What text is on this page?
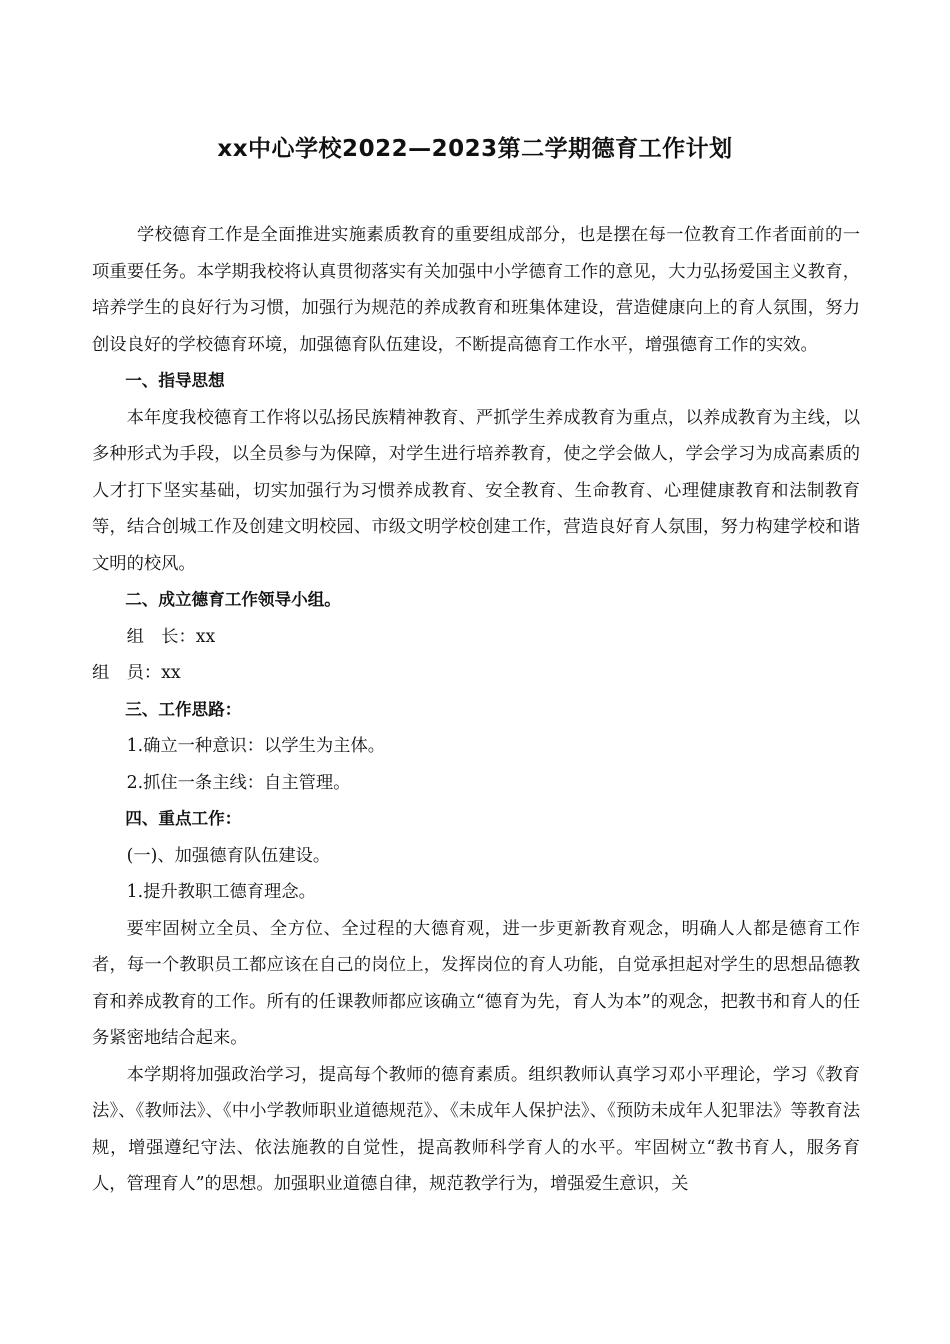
xx中心学校2022—2023第二学期德育工作计划

学校德育工作是全面推进实施素质教育的重要组成部分，也是摆在每一位教育工作者面前的一项重要任务。本学期我校将认真贯彻落实有关加强中小学德育工作的意见，大力弘扬爱国主义教育，培养学生的良好行为习惯，加强行为规范的养成教育和班集体建设，营造健康向上的育人氛围，努力创设良好的学校德育环境，加强德育队伍建设，不断提高德育工作水平，增强德育工作的实效。

一、指导思想

本年度我校德育工作将以弘扬民族精神教育、严抓学生养成教育为重点，以养成教育为主线，以多种形式为手段，以全员参与为保障，对学生进行培养教育，使之学会做人，学会学习为成高素质的人才打下坚实基础，切实加强行为习惯养成教育、安全教育、生命教育、心理健康教育和法制教育等，结合创城工作及创建文明校园、市级文明学校创建工作，营造良好育人氛围，努力构建学校和谐文明的校风。

二、成立德育工作领导小组。

组　长：xx

组　员：xx

三、工作思路：

1.确立一种意识：以学生为主体。

2.抓住一条主线：自主管理。

四、重点工作：

(一)、加强德育队伍建设。

1.提升教职工德育理念。

要牢固树立全员、全方位、全过程的大德育观，进一步更新教育观念，明确人人都是德育工作者，每一个教职员工都应该在自己的岗位上，发挥岗位的育人功能，自觉承担起对学生的思想品德教育和养成教育的工作。所有的任课教师都应该确立“德育为先，育人为本”的观念，把教书和育人的任务紧密地结合起来。

本学期将加强政治学习，提高每个教师的德育素质。组织教师认真学习邓小平理论，学习《教育法》、《教师法》、《中小学教师职业道德规范》、《未成年人保护法》、《预防未成年人犯罪法》等教育法规，增强遵纪守法、依法施教的自觉性，提高教师科学育人的水平。牢固树立“教书育人，服务育人，管理育人”的思想。加强职业道德自律，规范教学行为，增强爱生意识，关
